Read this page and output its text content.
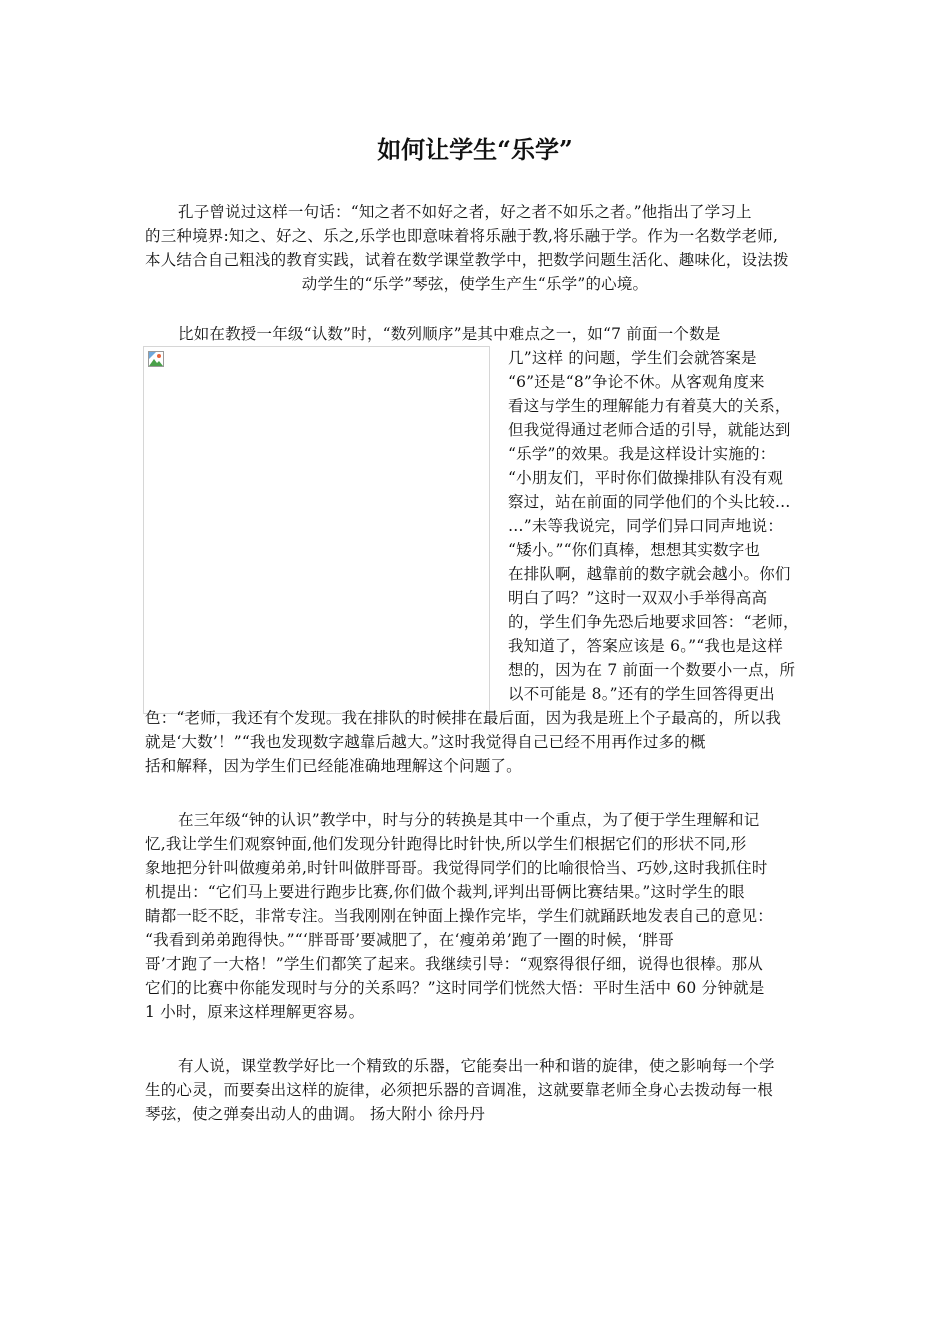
如何让学生“乐学”
孔子曾说过这样一句话：“知之者不如好之者，好之者不如乐之者。”他指出了学习上
的三种境界:知之、好之、乐之,乐学也即意味着将乐融于教,将乐融于学。作为一名数学老师,
本人结合自己粗浅的教育实践，试着在数学课堂教学中，把数学问题生活化、趣味化，设法拨
动学生的“乐学”琴弦，使学生产生“乐学”的心境。
比如在教授一年级“认数”时，“数列顺序”是其中难点之一，如“7 前面一个数是
几”这样 的问题，学生们会就答案是
“6”还是“8”争论不休。从客观角度来
看这与学生的理解能力有着莫大的关系，
但我觉得通过老师合适的引导，就能达到
“乐学”的效果。我是这样设计实施的：
“小朋友们，平时你们做操排队有没有观
察过，站在前面的同学他们的个头比较…
…”未等我说完，同学们异口同声地说：
“矮小。”“你们真棒，想想其实数字也
在排队啊，越靠前的数字就会越小。你们
明白了吗？”这时一双双小手举得高高
的，学生们争先恐后地要求回答：“老师，
我知道了，答案应该是 6。”“我也是这样
想的，因为在 7 前面一个数要小一点，所
以不可能是 8。”还有的学生回答得更出
色：“老师，我还有个发现。我在排队的时候排在最后面，因为我是班上个子最高的，所以我
就是‘大数’！”“我也发现数字越靠后越大。”这时我觉得自己已经不用再作过多的概
括和解释，因为学生们已经能准确地理解这个问题了。
在三年级“钟的认识”教学中，时与分的转换是其中一个重点，为了便于学生理解和记
忆,我让学生们观察钟面,他们发现分针跑得比时针快,所以学生们根据它们的形状不同,形
象地把分针叫做瘦弟弟,时针叫做胖哥哥。我觉得同学们的比喻很恰当、巧妙,这时我抓住时
机提出：“它们马上要进行跑步比赛,你们做个裁判,评判出哥俩比赛结果。”这时学生的眼
睛都一眨不眨，非常专注。当我刚刚在钟面上操作完毕，学生们就踊跃地发表自己的意见：
“我看到弟弟跑得快。”“‘胖哥哥’要减肥了，在‘瘦弟弟’跑了一圈的时候，‘胖哥
哥’才跑了一大格！”学生们都笑了起来。我继续引导：“观察得很仔细，说得也很棒。那从
它们的比赛中你能发现时与分的关系吗？”这时同学们恍然大悟：平时生活中 60 分钟就是
1 小时，原来这样理解更容易。
有人说，课堂教学好比一个精致的乐器，它能奏出一种和谐的旋律，使之影响每一个学
生的心灵，而要奏出这样的旋律，必须把乐器的音调准，这就要靠老师全身心去拨动每一根
琴弦，使之弹奏出动人的曲调。 扬大附小 徐丹丹
